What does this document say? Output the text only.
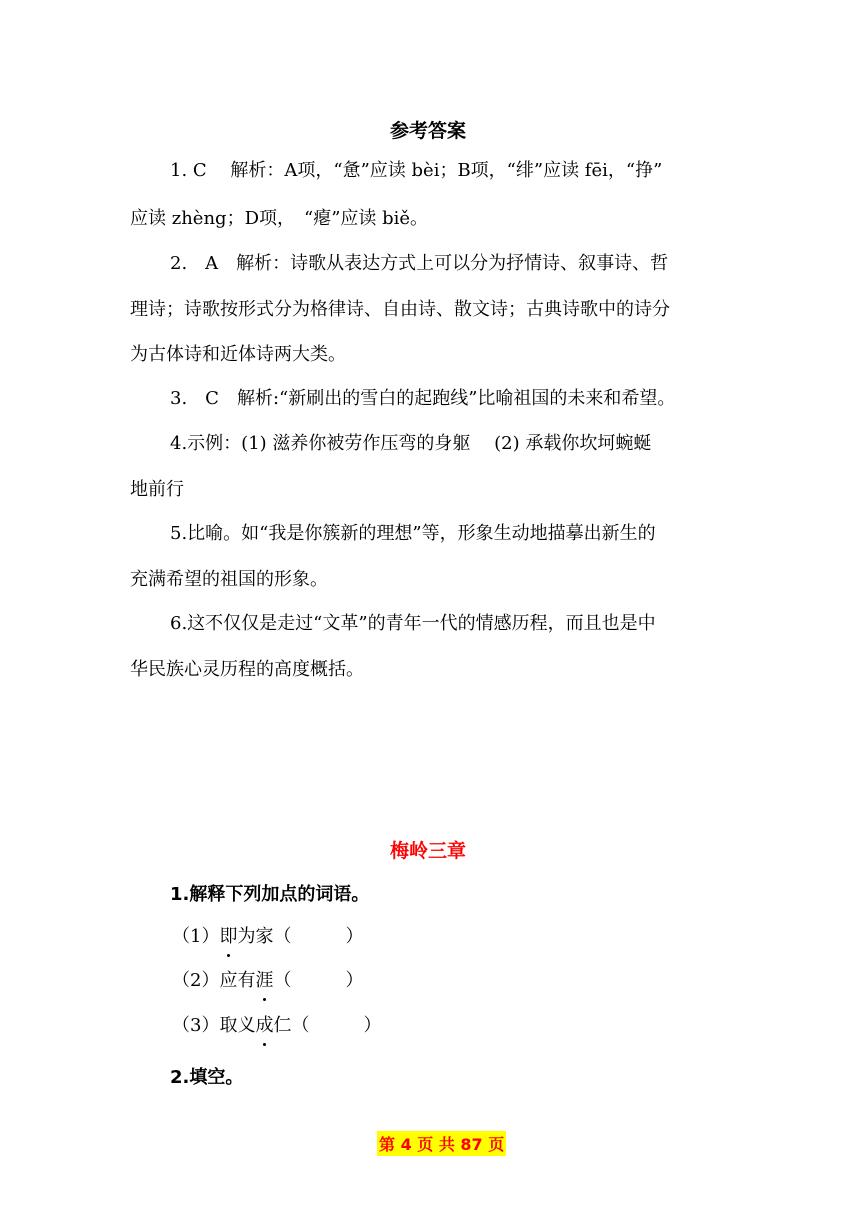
参考答案
1. C　 解析：A项，“惫”应读 bèi；B项，“绯”应读 fēi，“挣”
应读 zhèng；D项，　“瘪”应读 biě。
2.　A　解析：诗歌从表达方式上可以分为抒情诗、叙事诗、哲
理诗；诗歌按形式分为格律诗、自由诗、散文诗；古典诗歌中的诗分
为古体诗和近体诗两大类。
3.　C　解析:“新刷出的雪白的起跑线”比喻祖国的未来和希望。
4.示例：(1) 滋养你被劳作压弯的身躯　 (2) 承载你坎坷蜿蜒
地前行
5.比喻。如“我是你簇新的理想”等，形象生动地描摹出新生的
充满希望的祖国的形象。
6.这不仅仅是走过“文革”的青年一代的情感历程，而且也是中
华民族心灵历程的高度概括。
梅岭三章
1.解释下列加点的词语。
（1）即
为家（　　　）
（2）应有涯
（　　　）
（3）取义成
仁（　　　）
2.填空。
第 4 页 共 87 页
